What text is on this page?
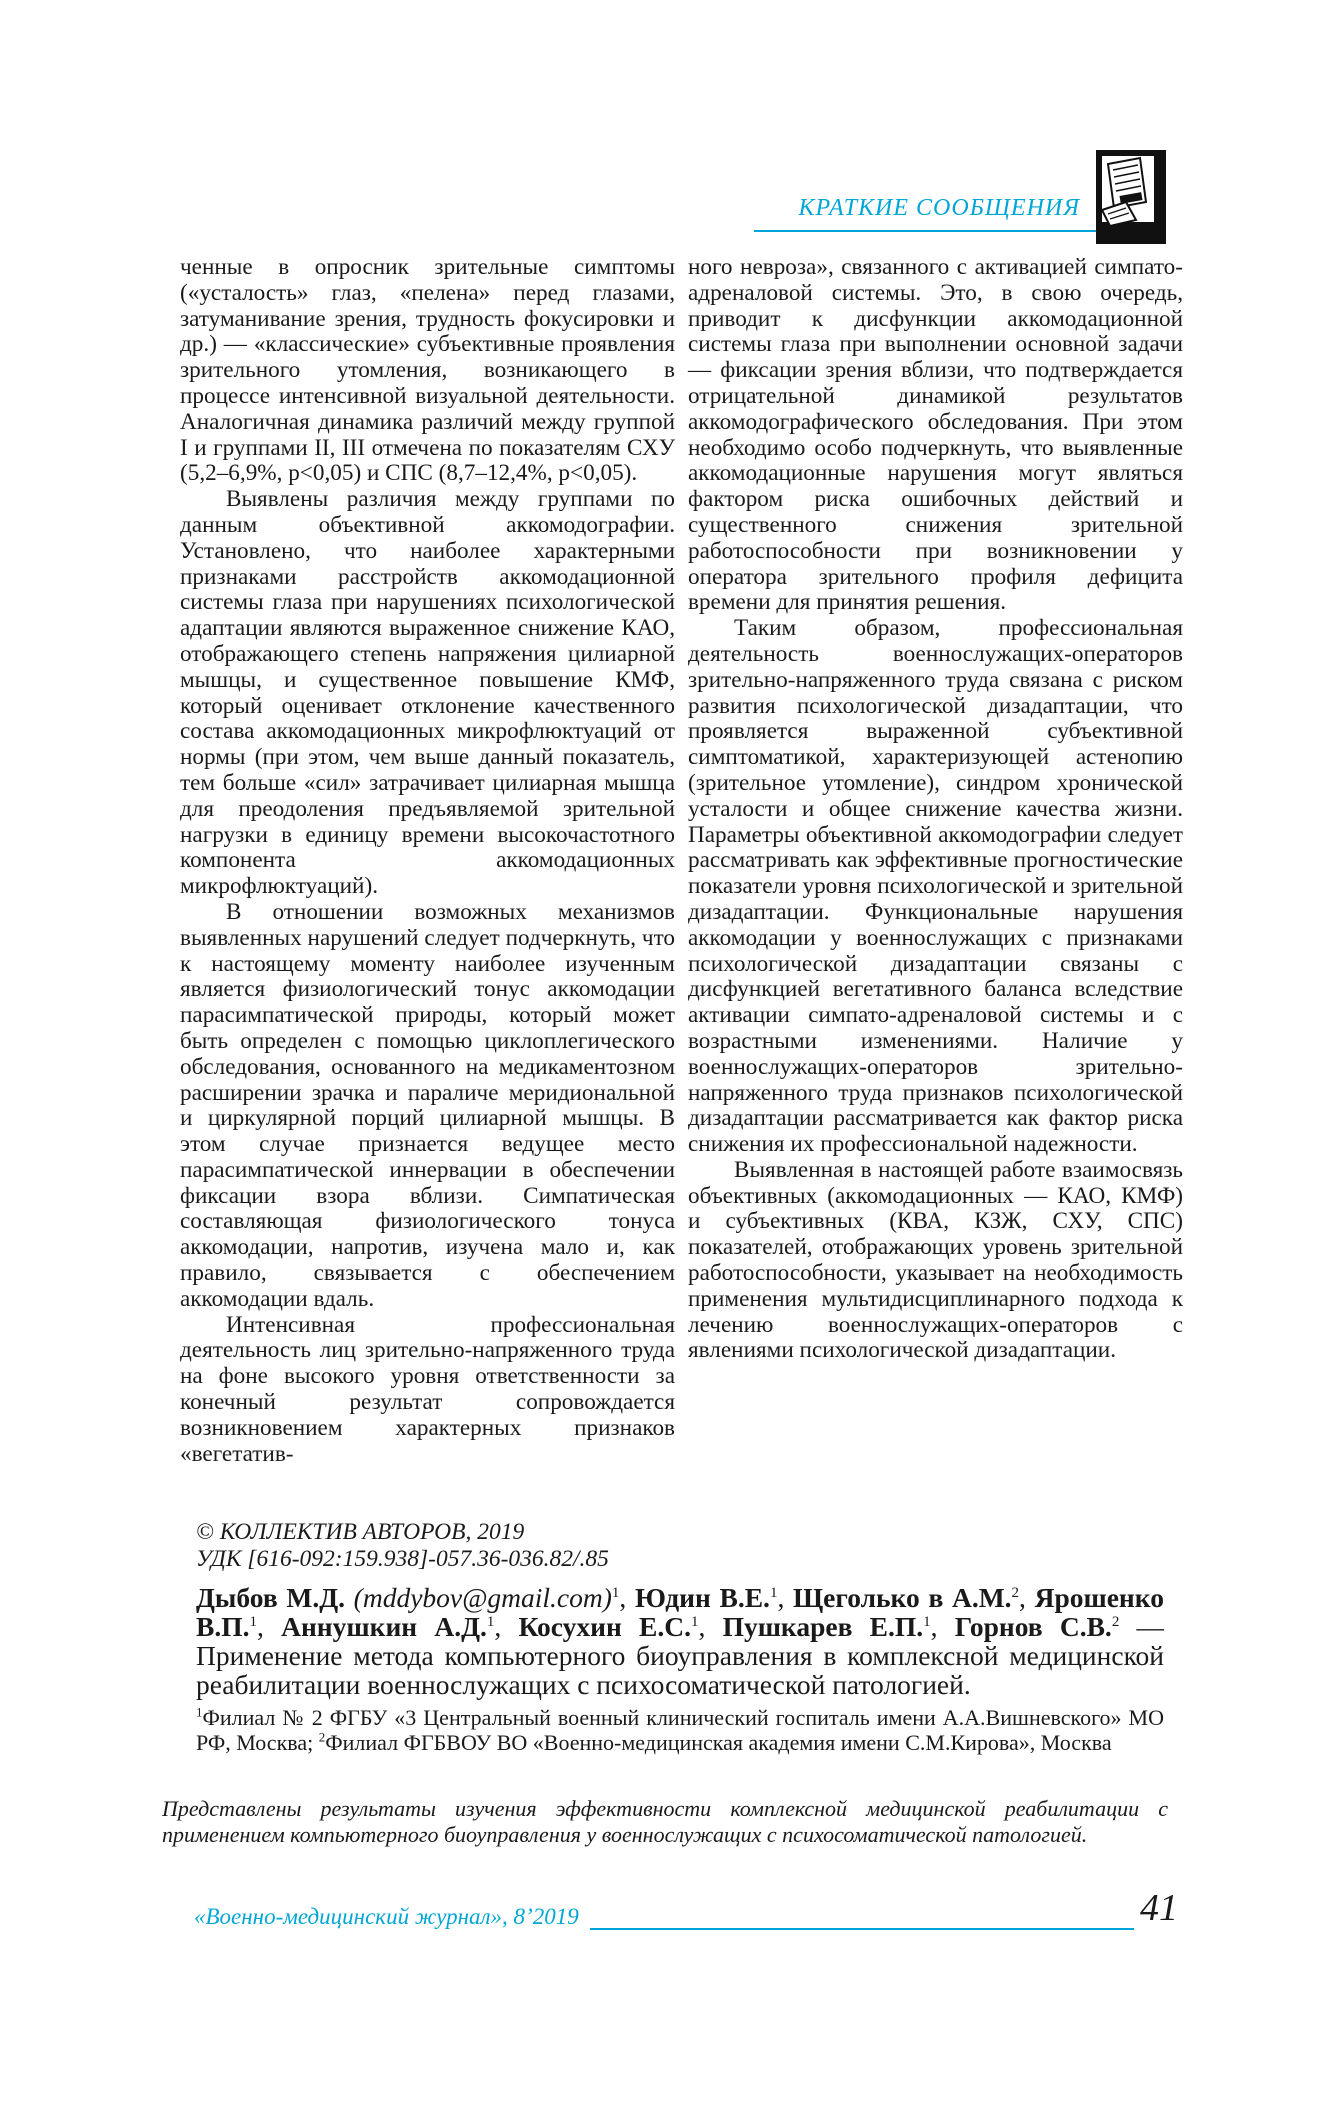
КРАТКИЕ СООБЩЕНИЯ

ченные в опросник зрительные симптомы («усталость» глаз, «пелена» перед глазами, затуманивание зрения, трудность фокусировки и др.) — «классические» субъективные проявления зрительного утомления, возникающего в процессе интенсивной визуальной деятельности. Аналогичная динамика различий между группой I и группами II, III отмечена по показателям СХУ (5,2–6,9%, p<0,05) и СПС (8,7–12,4%, p<0,05).

Выявлены различия между группами по данным объективной аккомодографии. Установлено, что наиболее характерными признаками расстройств аккомодационной системы глаза при нарушениях психологической адаптации являются выраженное снижение КАО, отображающего степень напряжения цилиарной мышцы, и существенное повышение КМФ, который оценивает отклонение качественного состава аккомодационных микрофлюктуаций от нормы (при этом, чем выше данный показатель, тем больше «сил» затрачивает цилиарная мышца для преодоления предъявляемой зрительной нагрузки в единицу времени высокочастотного компонента аккомодационных микрофлюктуаций).

В отношении возможных механизмов выявленных нарушений следует подчеркнуть, что к настоящему моменту наиболее изученным является физиологический тонус аккомодации парасимпатической природы, который может быть определен с помощью циклоплегического обследования, основанного на медикаментозном расширении зрачка и параличе меридиональной и циркулярной порций цилиарной мышцы. В этом случае признается ведущее место парасимпатической иннервации в обеспечении фиксации взора вблизи. Симпатическая составляющая физиологического тонуса аккомодации, напротив, изучена мало и, как правило, связывается с обеспечением аккомодации вдаль.

Интенсивная профессиональная деятельность лиц зрительно-напряженного труда на фоне высокого уровня ответственности за конечный результат сопровождается возникновением характерных признаков «вегетатив-

ного невроза», связанного с активацией симпато-адреналовой системы. Это, в свою очередь, приводит к дисфункции аккомодационной системы глаза при выполнении основной задачи — фиксации зрения вблизи, что подтверждается отрицательной динамикой результатов аккомодографического обследования. При этом необходимо особо подчеркнуть, что выявленные аккомодационные нарушения могут являться фактором риска ошибочных действий и существенного снижения зрительной работоспособности при возникновении у оператора зрительного профиля дефицита времени для принятия решения.

Таким образом, профессиональная деятельность военнослужащих-операторов зрительно-напряженного труда связана с риском развития психологической дизадаптации, что проявляется выраженной субъективной симптоматикой, характеризующей астенопию (зрительное утомление), синдром хронической усталости и общее снижение качества жизни. Параметры объективной аккомодографии следует рассматривать как эффективные прогностические показатели уровня психологической и зрительной дизадаптации. Функциональные нарушения аккомодации у военнослужащих с признаками психологической дизадаптации связаны с дисфункцией вегетативного баланса вследствие активации симпато-адреналовой системы и с возрастными изменениями. Наличие у военнослужащих-операторов зрительно-напряженного труда признаков психологической дизадаптации рассматривается как фактор риска снижения их профессиональной надежности.

Выявленная в настоящей работе взаимосвязь объективных (аккомодационных — КАО, КМФ) и субъективных (КВА, КЗЖ, СХУ, СПС) показателей, отображающих уровень зрительной работоспособности, указывает на необходимость применения мультидисциплинарного подхода к лечению военнослужащих-операторов с явлениями психологической дизадаптации.

© КОЛЛЕКТИВ АВТОРОВ, 2019
УДК [616-092:159.938]-057.36-036.82/.85
Дыбов М.Д. (mddybov@gmail.com)$^1$, Юдин В.Е.$^1$, Щеголько в А.М.$^2$, Ярошенко В.П.$^1$, Аннушкин А.Д.$^1$, Косухин Е.С.$^1$, Пушкарев Е.П.$^1$, Горнов С.В.$^2$ — Применение метода компьютерного биоуправления в комплексной медицинской реабилитации военнослужащих с психосоматической патологией.
$^1$Филиал № 2 ФГБУ «3 Центральный военный клинический госпиталь имени А.А.Вишневского» МО РФ, Москва; $^2$Филиал ФГБВОУ ВО «Военно-медицинская академия имени С.М.Кирова», Москва
Представлены результаты изучения эффективности комплексной медицинской реабилитации с применением компьютерного биоуправления у военнослужащих с психосоматической патологией.
«Военно-медицинский журнал», 8’2019	41
